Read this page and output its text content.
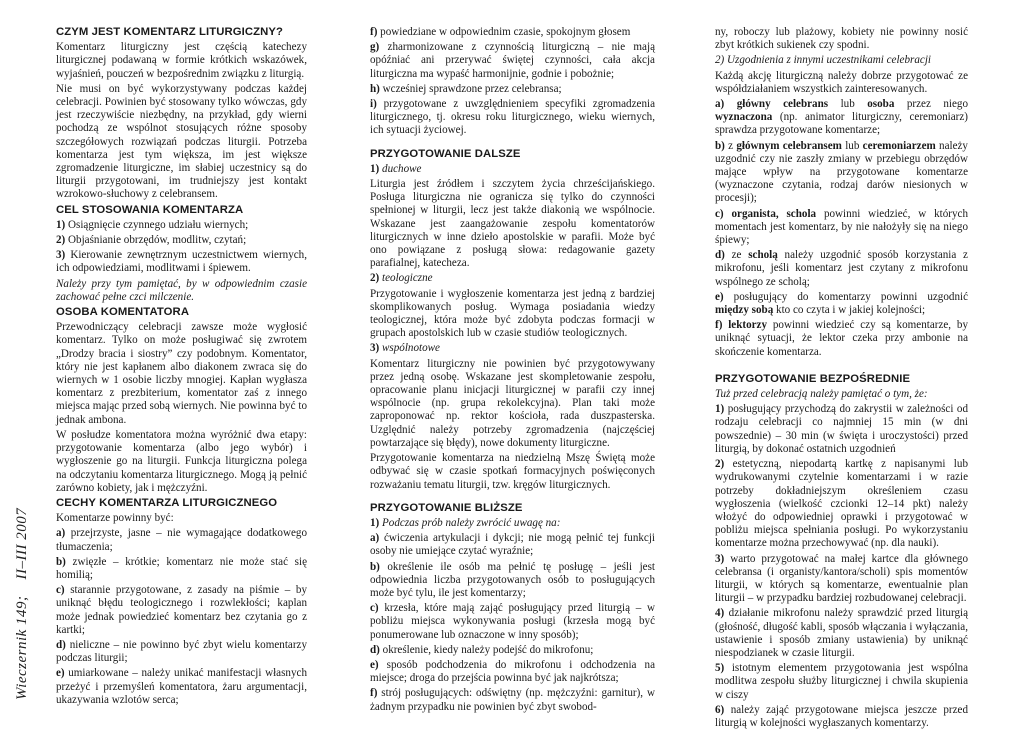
Wieczernik 149;II–III 2007
CZYM JEST KOMENTARZ LITURGICZNY?

Komentarz liturgiczny jest częścią katechezy liturgicznej podawaną w formie krótkich wskazówek, wyjaśnień, pouczeń w bezpośrednim związku z liturgią.

Nie musi on być wykorzystywany podczas każdej celebracji. Powinien być stosowany tylko wówczas, gdy jest rzeczywiście niezbędny, na przykład, gdy wierni pochodzą ze wspólnot stosujących różne sposoby szczegółowych rozwiązań podczas liturgii. Potrzeba komentarza jest tym większa, im jest większe zgromadzenie liturgiczne, im słabiej uczestnicy są do liturgii przygotowani, im trudniejszy jest kontakt wzrokowo-słuchowy z celebransem.

CEL STOSOWANIA KOMENTARZA

1) Osiągnięcie czynnego udziału wiernych;

2) Objaśnianie obrzędów, modlitw, czytań;

3) Kierowanie zewnętrznym uczestnictwem wiernych, ich odpowiedziami, modlitwami i śpiewem.

Należy przy tym pamiętać, by w odpowiednim czasie zachować pełne czci milczenie.

OSOBA KOMENTATORA

Przewodniczący celebracji zawsze może wygłosić komentarz. Tylko on może posługiwać się zwrotem „Drodzy bracia i siostry” czy podobnym. Komentator, który nie jest kapłanem albo diakonem zwraca się do wiernych w 1 osobie liczby mnogiej. Kapłan wygłasza komentarz z prezbiterium, komentator zaś z innego miejsca mając przed sobą wiernych. Nie powinna być to jednak ambona.

W posłudze komentatora można wyróżnić dwa etapy: przygotowanie komentarza (albo jego wybór) i wygłoszenie go na liturgii. Funkcja liturgiczna polega na odczytaniu komentarza liturgicznego. Mogą ją pełnić zarówno kobiety, jak i mężczyźni.

CECHY KOMENTARZA LITURGICZNEGO

Komentarze powinny być:

a) przejrzyste, jasne – nie wymagające dodatkowego tłumaczenia;

b) zwięzłe – krótkie; komentarz nie może stać się homilią;

c) starannie przygotowane, z zasady na piśmie – by uniknąć błędu teologicznego i rozwlekłości; kaplan może jednak powiedzieć komentarz bez czytania go z kartki;

d) nieliczne – nie powinno być zbyt wielu komentarzy podczas liturgii;

e) umiarkowane – należy unikać manifestacji własnych przeżyć i przemyśleń komentatora, żaru argumentacji, ukazywania wzlotów serca;

f) powiedziane w odpowiednim czasie, spokojnym głosem

g) zharmonizowane z czynnością liturgiczną – nie mają opóźniać ani przerywać świętej czynności, cała akcja liturgiczna ma wypaść harmonijnie, godnie i pobożnie;

h) wcześniej sprawdzone przez celebransa;

i) przygotowane z uwzględnieniem specyfiki zgromadzenia liturgicznego, tj. okresu roku liturgicznego, wieku wiernych, ich sytuacji życiowej.

PRZYGOTOWANIE DALSZE

1) duchowe

Liturgia jest źródłem i szczytem życia chrześcijańskiego. Posługa liturgiczna nie ogranicza się tylko do czynności spełnionej w liturgii, lecz jest także diakonią we wspólnocie. Wskazane jest zaangażowanie zespołu komentatorów liturgicznych w inne dzieło apostolskie w parafii. Może być ono powiązane z posługą słowa: redagowanie gazety parafialnej, katecheza.

2) teologiczne

Przygotowanie i wygłoszenie komentarza jest jedną z bardziej skomplikowanych posług. Wymaga posiadania wiedzy teologicznej, która może być zdobyta podczas formacji w grupach apostolskich lub w czasie studiów teologicznych.

3) wspólnotowe

Komentarz liturgiczny nie powinien być przygotowywany przez jedną osobę. Wskazane jest skompletowanie zespołu, opracowanie planu inicjacji liturgicznej w parafii czy innej wspólnocie (np. grupa rekolekcyjna). Plan taki może zaproponować np. rektor kościoła, rada duszpasterska. Uzględnić należy potrzeby zgromadzenia (najczęściej powtarzające się błędy), nowe dokumenty liturgiczne.

Przygotowanie komentarza na niedzielną Mszę Świętą może odbywać się w czasie spotkań formacyjnych poświęconych rozważaniu tematu liturgii, tzw. kręgów liturgicznych.

PRZYGOTOWANIE BLIŻSZE

1) Podczas prób należy zwrócić uwagę na:

a) ćwiczenia artykulacji i dykcji; nie mogą pełnić tej funkcji osoby nie umiejące czytać wyraźnie;

b) określenie ile osób ma pełnić tę posługę – jeśli jest odpowiednia liczba przygotowanych osób to posługujących może być tylu, ile jest komentarzy;

c) krzesła, które mają zająć posługujący przed liturgią – w pobliżu miejsca wykonywania posługi (krzesła mogą być ponumerowane lub oznaczone w inny sposób);

d) określenie, kiedy należy podejść do mikrofonu;

e) sposób podchodzenia do mikrofonu i odchodzenia na miejsce; droga do przejścia powinna być jak najkrótsza;

f) strój posługujących: odświętny (np. mężczyźni: garnitur), w żadnym przypadku nie powinien być zbyt swobod-

ny, roboczy lub plażowy, kobiety nie powinny nosić zbyt krótkich sukienek czy spodni.

2) Uzgodnienia z innymi uczestnikami celebracji

Każdą akcję liturgiczną należy dobrze przygotować ze współdziałaniem wszystkich zainteresowanych.

a) główny celebrans lub osoba przez niego wyznaczona (np. animator liturgiczny, ceremoniarz) sprawdza przygotowane komentarze;

b) z głównym celebransem lub ceremoniarzem należy uzgodnić czy nie zaszły zmiany w przebiegu obrzędów mające wpływ na przygotowane komentarze (wyznaczone czytania, rodzaj darów niesionych w procesji);

c) organista, schola powinni wiedzieć, w których momentach jest komentarz, by nie nałożyły się na niego śpiewy;

d) ze scholą należy uzgodnić sposób korzystania z mikrofonu, jeśli komentarz jest czytany z mikrofonu wspólnego ze scholą;

e) posługujący do komentarzy powinni uzgodnić między sobą kto co czyta i w jakiej kolejności;

f) lektorzy powinni wiedzieć czy są komentarze, by uniknąć sytuacji, że lektor czeka przy ambonie na skończenie komentarza.

PRZYGOTOWANIE BEZPOŚREDNIE

Tuż przed celebracją należy pamiętać o tym, że:

1) posługujący przychodzą do zakrystii w zależności od rodzaju celebracji co najmniej 15 min (w dni powszednie) – 30 min (w święta i uroczystości) przed liturgią, by dokonać ostatnich uzgodnień

2) estetyczną, niepodartą kartkę z napisanymi lub wydrukowanymi czytelnie komentarzami i w razie potrzeby dokładniejszym określeniem czasu wygłoszenia (wielkość czcionki 12–14 pkt) należy włożyć do odpowiedniej oprawki i przygotować w pobliżu miejsca spełniania posługi. Po wykorzystaniu komentarze można przechowywać (np. dla nauki).

3) warto przygotować na małej kartce dla głównego celebransa (i organisty/kantora/scholi) spis momentów liturgii, w których są komentarze, ewentualnie plan liturgii – w przypadku bardziej rozbudowanej celebracji.

4) działanie mikrofonu należy sprawdzić przed liturgią (głośność, długość kabli, sposób włączania i wyłączania, ustawienie i sposób zmiany ustawienia) by uniknąć niespodzianek w czasie liturgii.

5) istotnym elementem przygotowania jest wspólna modlitwa zespołu służby liturgicznej i chwila skupienia w ciszy

6) należy zająć przygotowane miejsca jeszcze przed liturgią w kolejności wygłaszanych komentarzy.
